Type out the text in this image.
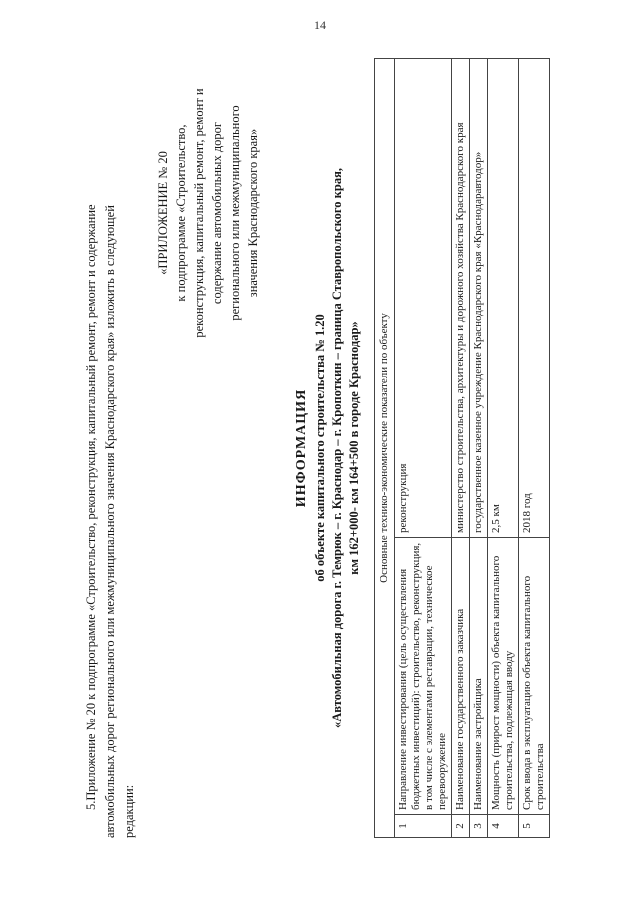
14
5.Приложение № 20 к подпрограмме «Строительство, реконструкция, капитальный ремонт, ремонт и содержание автомобильных дорог регионального или межмуниципального значения Краснодарского края» изложить в следующей редакции:
«ПРИЛОЖЕНИЕ № 20 к подпрограмме «Строительство, реконструкция, капитальный ремонт, ремонт и содержание автомобильных дорог регионального или межмуниципального значения Краснодарского края»
ИНФОРМАЦИЯ об объекте капитального строительства № 1.20 «Автомобильная дорога г. Темрюк – г. Краснодар – г. Кропоткин – граница Ставропольского края, км 162+000- км 164+500 в городе Краснодар» Основные технико-экономические показатели по объекту		
1	Направление инвестирования (цель осуществления бюджетных инвестиций): строительство, реконструкция, в том числе с элементами реставрации, техническое перевооружение	реконструкция
2	Наименование государственного заказчика	министерство строительства, архитектуры и дорожного хозяйства Краснодарского края
3	Наименование застройщика	государственное казенное учреждение Краснодарского края «Краснодаравтодор»
4	Мощность (прирост мощности) объекта капитального строительства, подлежащая вводу	2,5 км
5	Срок ввода в эксплуатацию объекта капитального строительства	2018 год
